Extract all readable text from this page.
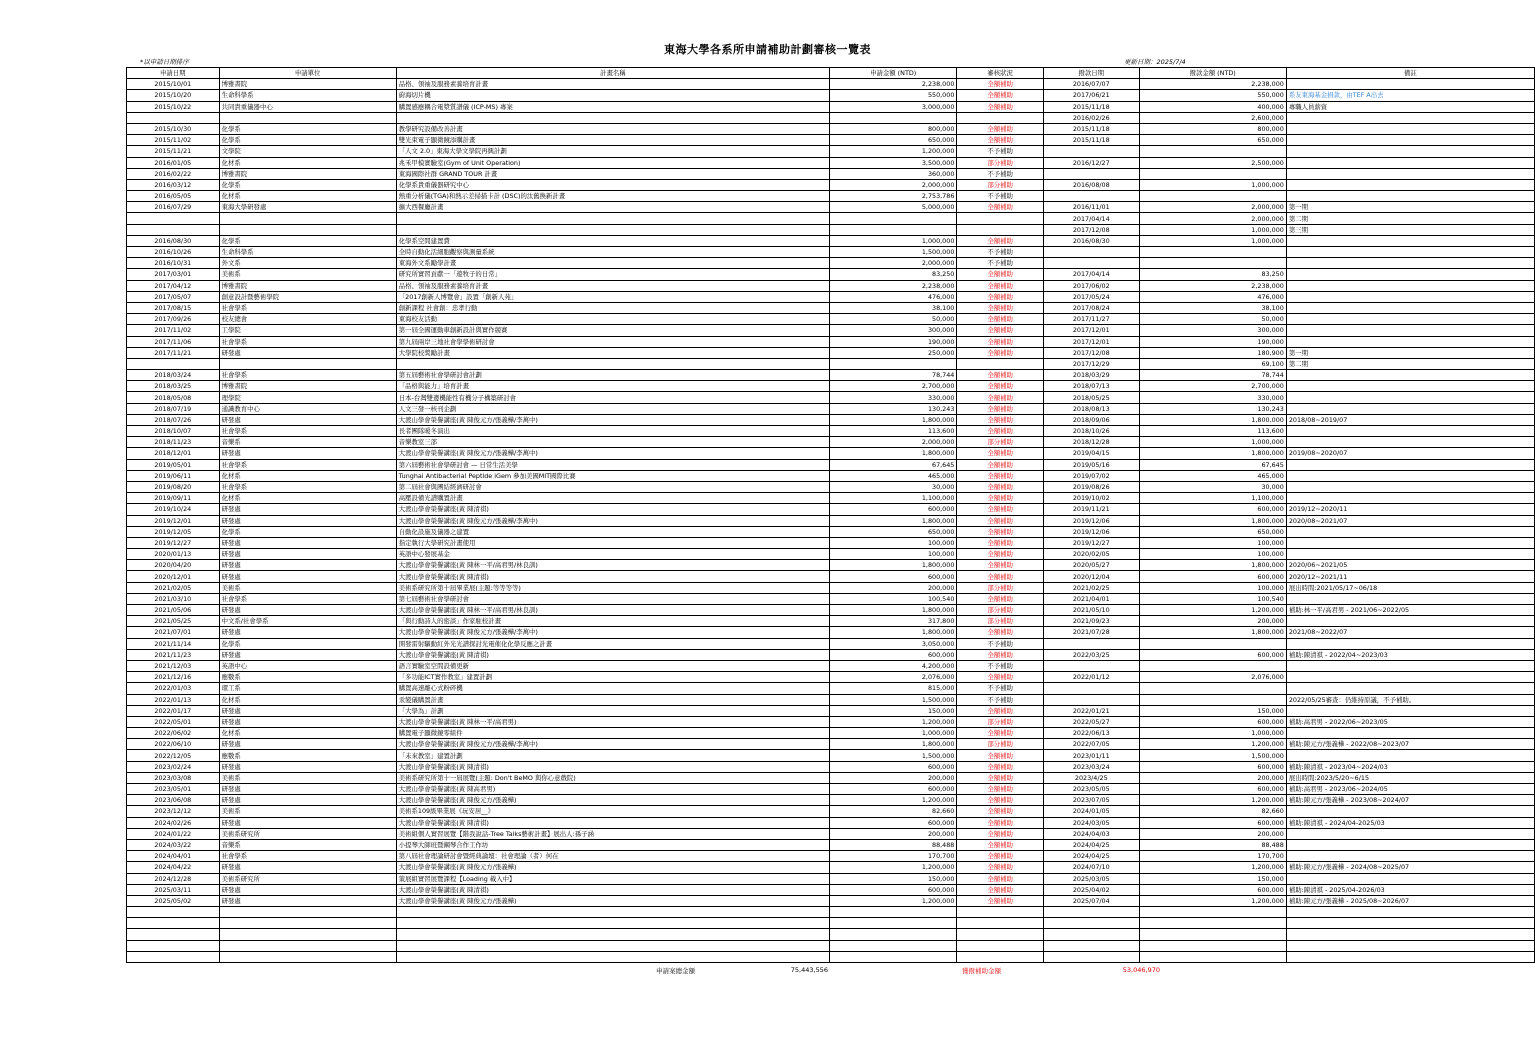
東海大學各系所申請補助計劃審核一覽表
*以申請日期排序	更新日期：2025/7/4
申請日期	申請單位	計畫名稱	申請金額 (NTD)	審核狀況	撥款日期	撥款金額 (NTD)	備註
2015/10/01	博雅書院	品格、領袖及服務素養培育計畫	2,238,000	全額補助	2016/07/07	2,238,000	
2015/10/20	生命科學系	蔚海切片機	550,000	全額補助	2017/06/21	550,000	系友東海基金捐款，由TEF A出去
2015/10/22	共同貴重儀器中心	購置感應耦合電漿質譜儀 (ICP-MS) 專案	3,000,000	全額補助	2015/11/18	400,000	專職人員薪資
					2016/02/26	2,600,000	
2015/10/30	化學系	教學研究設備改善計畫	800,000	全額補助	2015/11/18	800,000	
2015/11/02	化學系	雙光束電子顯微鏡添購計畫	650,000	全額補助	2015/11/18	650,000	
2015/11/21	文學院	「人文 2.0」東海大學文學院再興計劃	1,200,000	不予補助			
2016/01/05	化材系	兆禾甲模實驗室(Gym of Unit Operation)	3,500,000	部分補助	2016/12/27	2,500,000	
2016/02/22	博雅書院	東海國際社群 GRAND TOUR 計畫	360,000	不予補助			
2016/03/12	化學系	化學系貴重儀器研究中心	2,000,000	部分補助	2016/08/08	1,000,000	
2016/05/05	化材系	熱重分析儀(TGA)和熱示差掃描卡計 (DSC)的汰舊換新計畫	2,753,786	不予補助			
2016/07/29	東海大學研發處	擴大西餐廳計畫	5,000,000	全額補助	2016/11/01	2,000,000	第一期
					2017/04/14	2,000,000	第二期
					2017/12/08	1,000,000	第三期
2016/08/30	化學系	化學系空間建置費	1,000,000	全額補助	2016/08/30	1,000,000	
2016/10/26	生命科學系	全時自動化活細胞觀察與測量系統	1,500,000	不予補助			
2016/10/31	外文系	東海外文系勵學計畫	2,000,000	不予補助			
2017/03/01	美術系	研究所實習貢獻一「遊牧子的日常」	83,250	全額補助	2017/04/14	83,250	
2017/04/12	博雅書院	品格、領袖及服務素養培育計畫	2,238,000	全額補助	2017/06/02	2,238,000	
2017/05/07	創意設計暨藝術學院	「2017創新人博覽會」設置「創新人苑」	476,000	全額補助	2017/05/24	476,000	
2017/08/15	社會學系	創新課程 社會創：忠孝行動	38,100	全額補助	2017/08/24	38,100	
2017/09/26	校友總會	東海校友活動	50,000	全額補助	2017/11/27	50,000	
2017/11/02	工學院	第一屆全國運動車創新設計與實作競賽	300,000	全額補助	2017/12/01	300,000	
2017/11/06	社會學系	第九屆兩岸三地社會學學術研討會	190,000	全額補助	2017/12/01	190,000	
2017/11/21	研發處	大學院校獎勵計畫	250,000	全額補助	2017/12/08	180,900	第一期
					2017/12/29	69,100	第二期
2018/03/24	社會學系	第五屆藝術社會學研討會計劃	78,744	全額補助	2018/03/29	78,744	
2018/03/25	博雅書院	「品格與能力」培育計畫	2,700,000	全額補助	2018/07/13	2,700,000	
2018/05/08	理學院	日本-台灣雙邊機能性有機分子構築研討會	330,000	全額補助	2018/05/25	330,000	
2018/07/19	通識教育中心	人文三發一核刊企劃	130,243	全額補助	2018/08/13	130,243	
2018/07/26	研發處	大渡山學會榮譽講座(黃 陳俊元方/張義樺/李萬中)	1,800,000	全額補助	2018/09/06	1,800,000	2018/08~2019/07
2018/10/07	社會學系	長者團隊暖冬演出	113,600	全額補助	2018/10/26	113,600	
2018/11/23	音樂系	音樂教室三部	2,000,000	部分補助	2018/12/28	1,000,000	
2018/12/01	研發處	大渡山學會榮譽講座(黃 陳俊元方/張義樺/李萬中)	1,800,000	全額補助	2019/04/15	1,800,000	2019/08~2020/07
2019/05/01	社會學系	第六屆藝術社會學研討會 — 日常生活美學	67,645	全額補助	2019/05/16	67,645	
2019/06/11	化材系	Tunghai Antibacterial Peptide iGem 參加美國MIT國際比賽	465,000	全額補助	2019/07/02	465,000	
2019/08/20	社會學系	第二屆社會與團結經濟研討會	30,000	全額補助	2019/08/26	30,000	
2019/09/11	化材系	高壓設備光譜購置計畫	1,100,000	全額補助	2019/10/02	1,100,000	
2019/10/24	研發處	大渡山學會榮譽講座(黃 陳清祺)	600,000	全額補助	2019/11/21	600,000	2019/12~2020/11
2019/12/01	研發處	大渡山學會榮譽講座(黃 陳俊元方/張義樺/李萬中)	1,800,000	全額補助	2019/12/06	1,800,000	2020/08~2021/07
2019/12/05	化學系	自動化設施及儀器之建置	650,000	全額補助	2019/12/06	650,000	
2019/12/27	研發處	指定執行大學研究計畫使用	100,000	全額補助	2019/12/27	100,000	
2020/01/13	研發處	英語中心發展基金	100,000	全額補助	2020/02/05	100,000	
2020/04/20	研發處	大渡山學會榮譽講座(黃 陳林一平/高君男/林良訓)	1,800,000	全額補助	2020/05/27	1,800,000	2020/06~2021/05
2020/12/01	研發處	大渡山學會榮譽講座(黃 陳清祺)	600,000	全額補助	2020/12/04	600,000	2020/12~2021/11
2021/02/05	美術系	美術系研究所第十屆畢業展(主題:等等等等)	200,000	部分補助	2021/02/25	100,000	展出時間:2021/05/17~06/18
2021/03/10	社會學系	第七屆藝術社會學研討會	100,540	全額補助	2021/04/01	100,540	
2021/05/06	研發處	大渡山學會榮譽講座(黃 陳林一平/高君男/林良訓)	1,800,000	部分補助	2021/05/10	1,200,000	補助:林一平/高君男 - 2021/06~2022/05
2021/05/25	中文系/社會學系	「與行動詩人的密談」作家駐校計畫	317,800	部分補助	2021/09/23	200,000	
2021/07/01	研發處	大渡山學會榮譽講座(黃 陳俊元方/張義樺/李萬中)	1,800,000	全額補助	2021/07/28	1,800,000	2021/08~2022/07
2021/11/14	化學系	開發雷射驅動紅外光光譜探討光電催化化學反應之計畫	3,050,000	不予補助			
2021/11/23	研發處	大渡山學會榮譽講座(黃 陳清祺)	600,000	全額補助	2022/03/25	600,000	補助:陳清祺 - 2022/04~2023/03
2021/12/03	英語中心	語言實驗室空間設備更新	4,200,000	不予補助			
2021/12/16	應數系	「多功能ICT實作教室」建置計劃	2,076,000	全額補助	2022/01/12	2,076,000	
2022/01/03	環工系	購置高速離心式粉碎機	815,000	不予補助			
2022/01/13	化材系	汞變儀購置計畫	1,500,000	不予補助			2022/05/25審查：仍維持原議，不予補助。
2022/01/17	研發處	「大學為」計劃	150,000	全額補助	2022/01/21	150,000	
2022/05/01	研發處	大渡山學會榮譽講座(黃 陳林一平/高君男)	1,200,000	部分補助	2022/05/27	600,000	補助:高君男 - 2022/06~2023/05
2022/06/02	化材系	購置電子顯微鏡零組件	1,000,000	全額補助	2022/06/13	1,000,000	
2022/06/10	研發處	大渡山學會榮譽講座(黃 陳俊元方/張義樺/李萬中)	1,800,000	部分補助	2022/07/05	1,200,000	補助:陳元方/張義樺 - 2022/08~2023/07
2022/12/05	應數系	「未來教室」建置計劃	1,500,000	全額補助	2023/01/11	1,500,000	
2023/02/24	研發處	大渡山學會榮譽講座(黃 陳清祺)	600,000	全額補助	2023/03/24	600,000	補助:陳清祺 - 2023/04~2024/03
2023/03/08	美術系	美術系研究所第十一屆展覽(主題: Don't BeMO 與你心意戲院)	200,000	全額補助	2023/4/25	200,000	展出時間:2023/5/20~6/15
2023/05/01	研發處	大渡山學會榮譽講座(黃 陳高君男)	600,000	全額補助	2023/05/05	600,000	補助:高君男 - 2023/06~2024/05
2023/06/08	研發處	大渡山學會榮譽講座(黃 陳俊元方/張義樺)	1,200,000	全額補助	2023/07/05	1,200,000	補助:陳元方/張義樺 - 2023/08~2024/07
2023/12/12	美術系	美術系109級畢業展《玩安居__》	82,660	全額補助	2024/01/05	82,660	
2024/02/26	研發處	大渡山學會榮譽講座(黃 陳清祺)	600,000	全額補助	2024/03/05	600,000	補助:陳清祺 - 2024/04-2025/03
2024/01/22	美術系研究所	美術組個人實習展覽【階我說話-Tree Talks藝術計畫】展出人:孫子涵	200,000	全額補助	2024/04/03	200,000	
2024/03/22	音樂系	小提琴大師班暨鋼琴合作工作坊	88,488	全額補助	2024/04/25	88,488	
2024/04/01	社會學系	第八屆社會理論研討會暨經典論壇：社會理論（者）何在	170,700	全額補助	2024/04/25	170,700	
2024/04/22	研發處	大渡山學會榮譽講座(黃 陳俊元方/張義樺)	1,200,000	全額補助	2024/07/10	1,200,000	補助:陳元方/張義樺 - 2024/08~2025/07
2024/12/28	美術系研究所	策展組實習展覽課程【Loading 載入中】	150,000	全額補助	2025/03/05	150,000	
2025/03/11	研發處	大渡山學會榮譽講座(黃 陳清祺)	600,000	全額補助	2025/04/02	600,000	補助:陳清祺 - 2025/04-2026/03
2025/05/02	研發處	大渡山學會榮譽講座(黃 陳俊元方/張義樺)	1,200,000	全額補助	2025/07/04	1,200,000	補助:陳元方/張義樺 - 2025/08~2026/07

申請案總金額	75,443,556	獲撥補助金額	53,046,970
